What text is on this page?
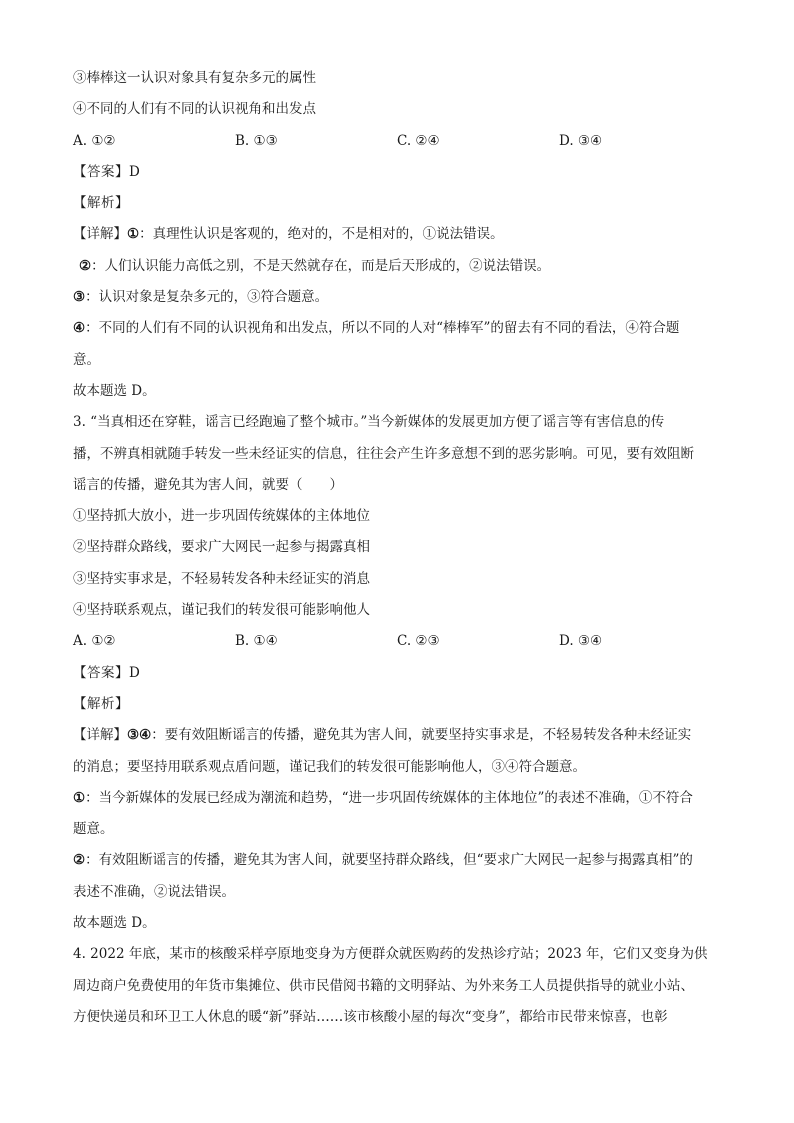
③棒棒这一认识对象具有复杂多元的属性
④不同的人们有不同的认识视角和出发点
A. ①②	B. ①③	C. ②④	D. ③④
【答案】D
【解析】
【详解】①：真理性认识是客观的，绝对的，不是相对的，①说法错误。
②：人们认识能力高低之别，不是天然就存在，而是后天形成的，②说法错误。
③：认识对象是复杂多元的，③符合题意。
④：不同的人们有不同的认识视角和出发点，所以不同的人对“棒棒军”的留去有不同的看法，④符合题
意。
故本题选 D。
3. “当真相还在穿鞋，谣言已经跑遍了整个城市。”当今新媒体的发展更加方便了谣言等有害信息的传
播，不辨真相就随手转发一些未经证实的信息，往往会产生许多意想不到的恶劣影响。可见，要有效阻断
谣言的传播，避免其为害人间，就要（　　）
①坚持抓大放小，进一步巩固传统媒体的主体地位
②坚持群众路线，要求广大网民一起参与揭露真相
③坚持实事求是，不轻易转发各种未经证实的消息
④坚持联系观点，谨记我们的转发很可能影响他人
A. ①②	B. ①④	C. ②③	D. ③④
【答案】D
【解析】
【详解】③④：要有效阻断谣言的传播，避免其为害人间，就要坚持实事求是，不轻易转发各种未经证实
的消息；要坚持用联系观点盾问题，谨记我们的转发很可能影响他人，③④符合题意。
①：当今新媒体的发展已经成为潮流和趋势，“进一步巩固传统媒体的主体地位”的表述不准确，①不符合
题意。
②：有效阻断谣言的传播，避免其为害人间，就要坚持群众路线，但“要求广大网民一起参与揭露真相”的
表述不准确，②说法错误。
故本题选 D。
4. 2022 年底，某市的核酸采样亭原地变身为方便群众就医购药的发热诊疗站；2023 年，它们又变身为供
周边商户免费使用的年货市集摊位、供市民借阅书籍的文明驿站、为外来务工人员提供指导的就业小站、
方便快递员和环卫工人休息的暖“新”驿站……该市核酸小屋的每次“变身”，都给市民带来惊喜，也彰
